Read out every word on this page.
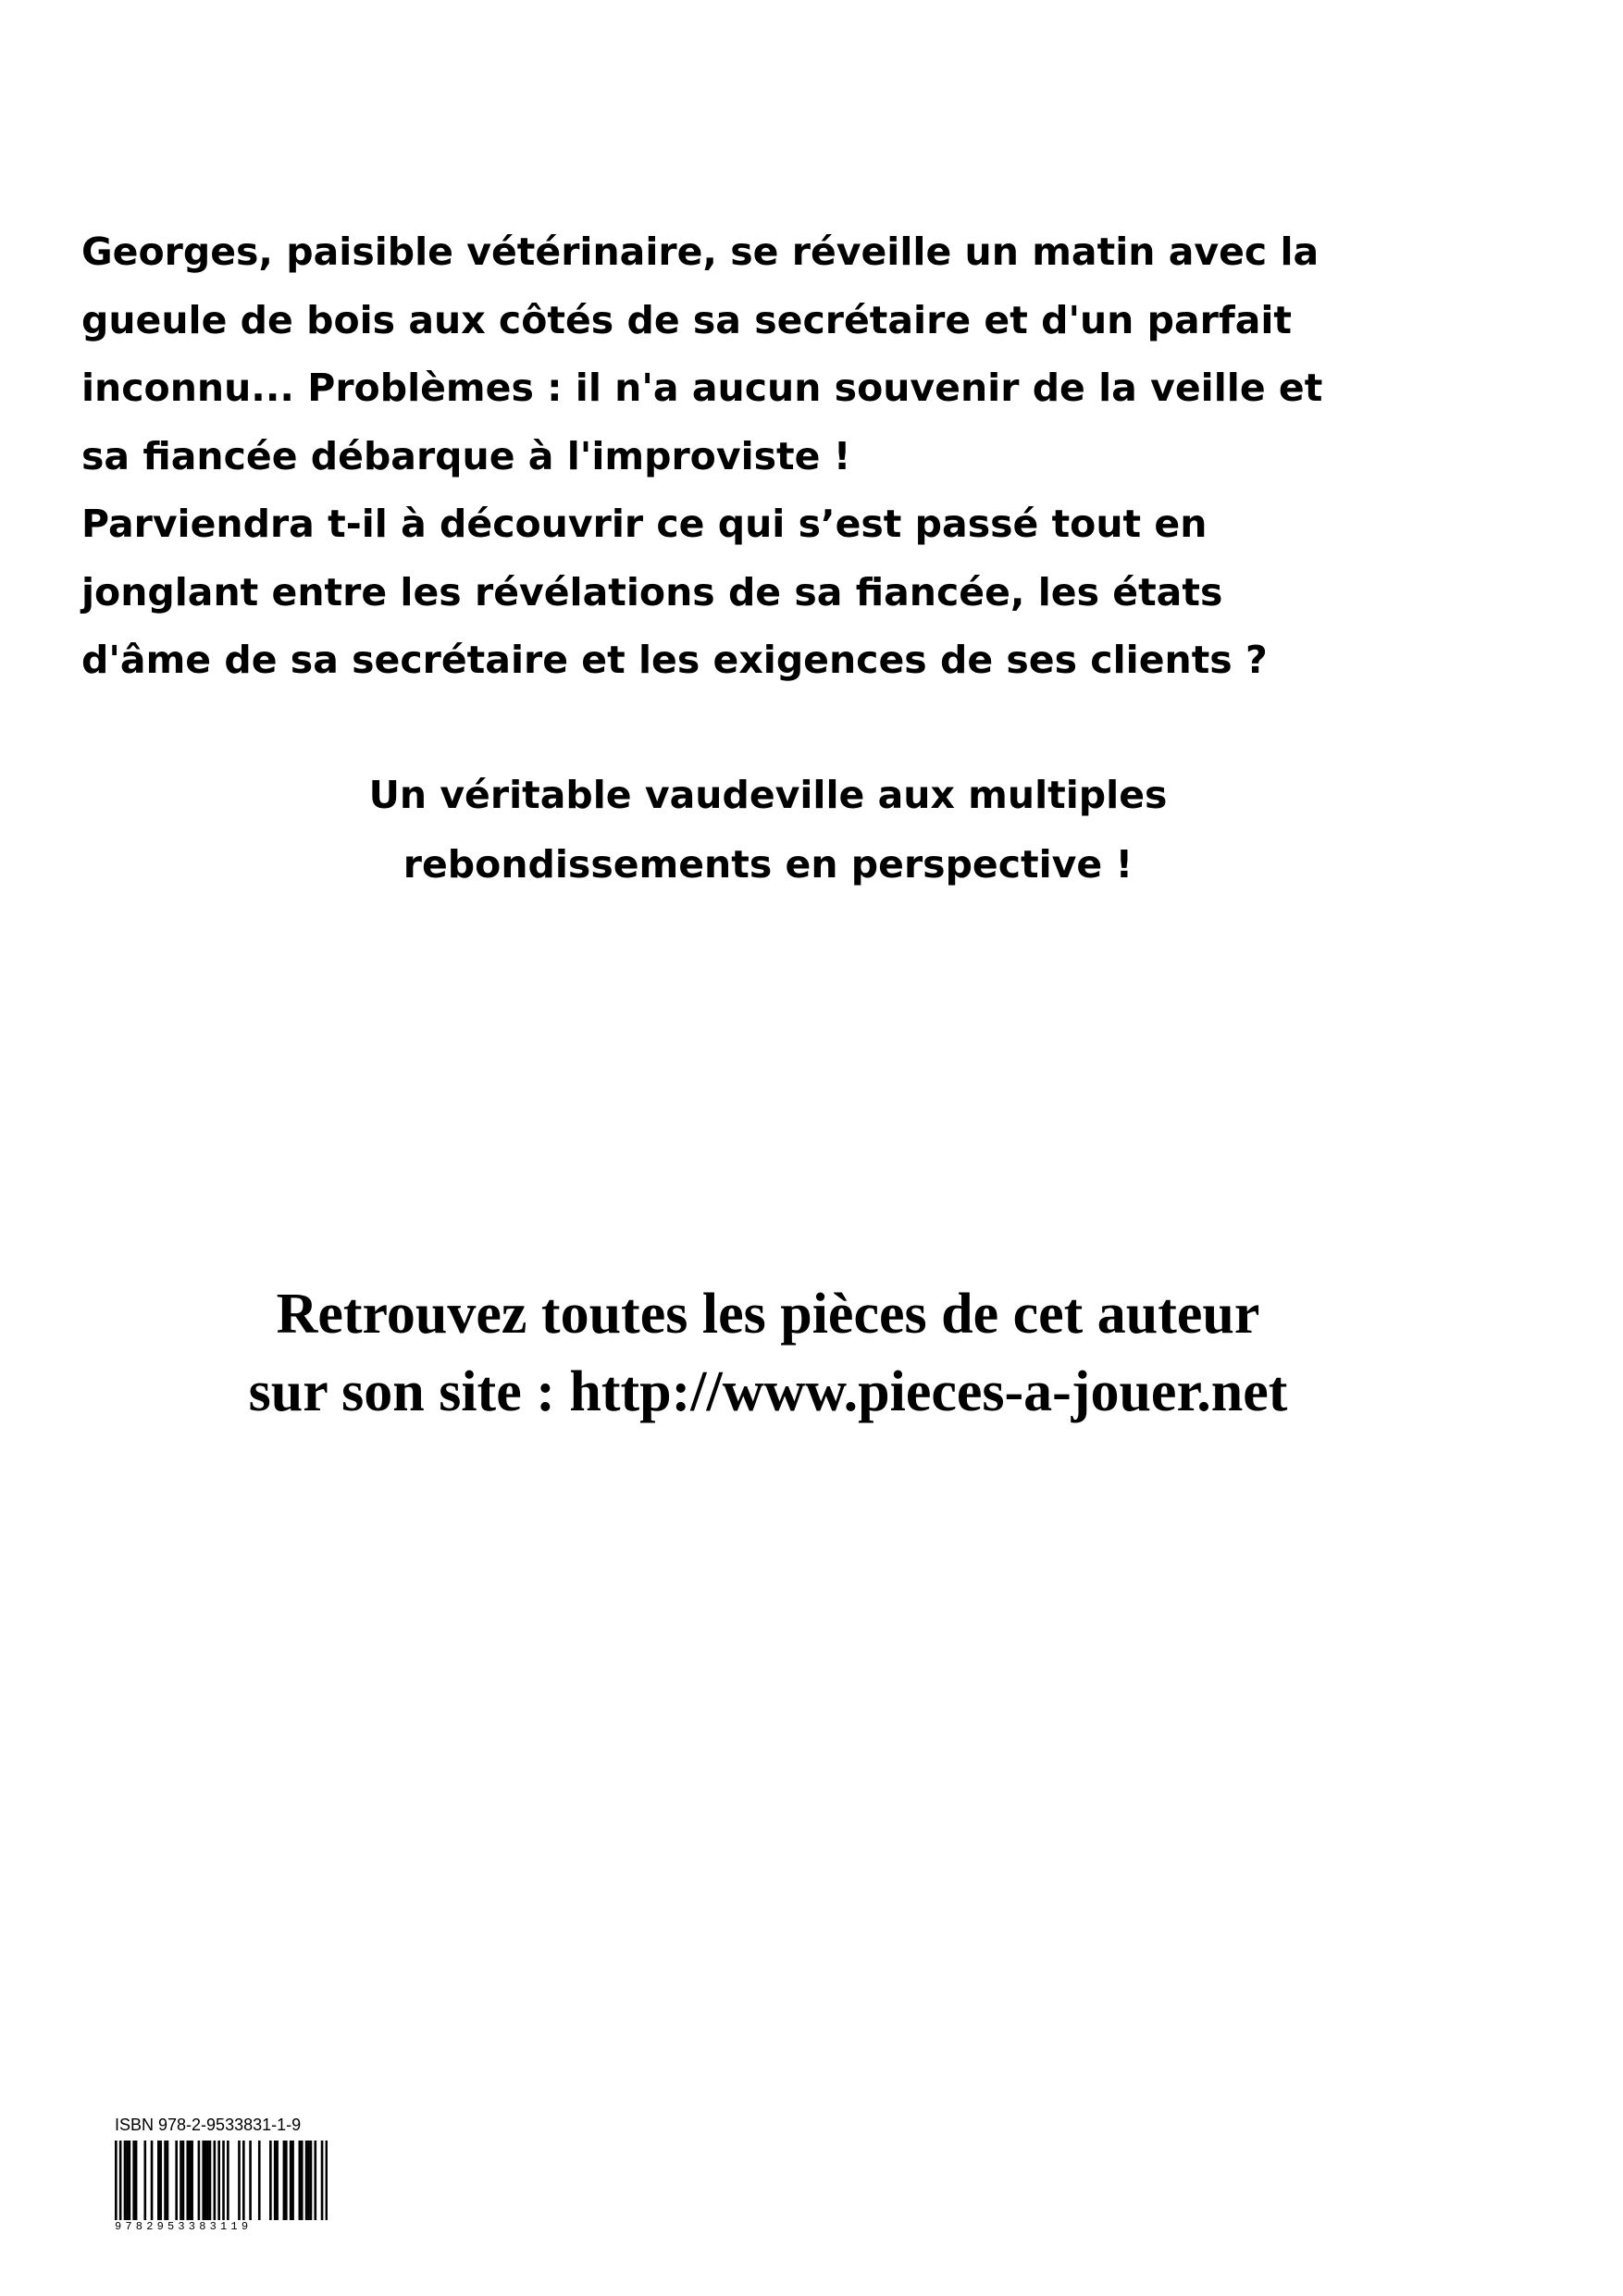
Georges, paisible vétérinaire, se réveille un matin avec la

gueule de bois aux côtés de sa secrétaire et d'un parfait

inconnu... Problèmes : il n'a aucun souvenir de la veille et

sa fiancée débarque à l'improviste !

Parviendra t-il à découvrir ce qui s’est passé tout en

jonglant entre les révélations de sa fiancée, les états

d'âme de sa secrétaire et les exigences de ses clients ?

Un véritable vaudeville aux multiples

rebondissements en perspective !

Retrouvez toutes les pièces de cet auteur

sur son site : http://www.pieces-a-jouer.net

ISBN 978-2-9533831-1-9

9782953383119
